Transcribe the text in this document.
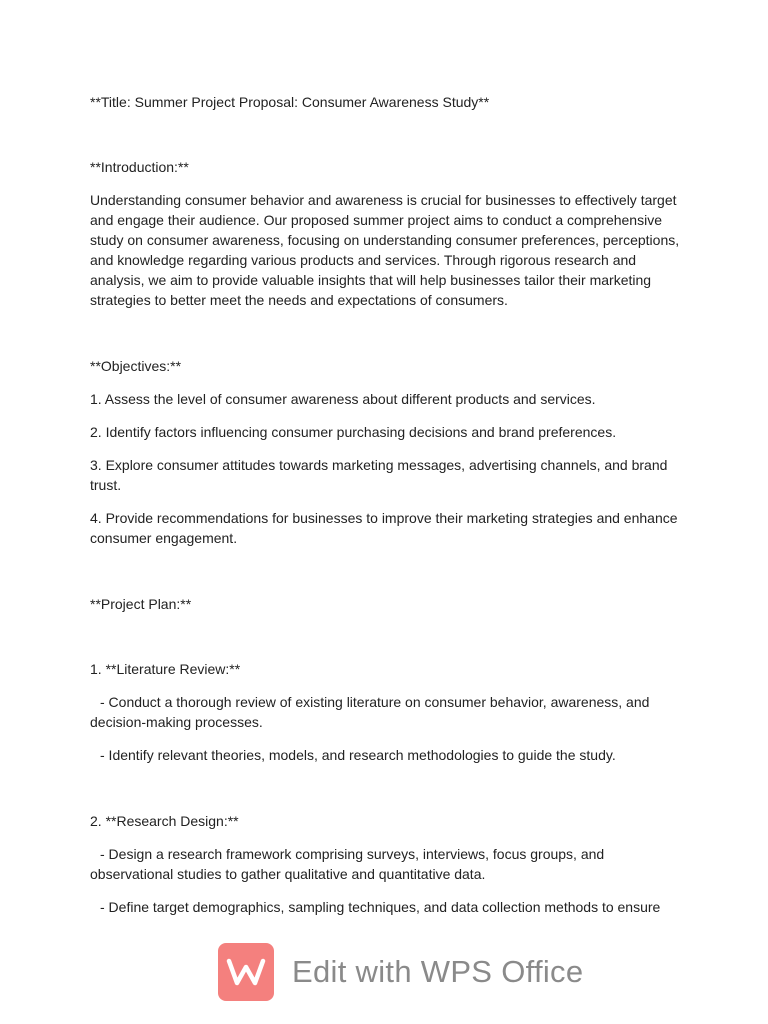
**Title: Summer Project Proposal: Consumer Awareness Study**
**Introduction:**
Understanding consumer behavior and awareness is crucial for businesses to effectively target and engage their audience. Our proposed summer project aims to conduct a comprehensive study on consumer awareness, focusing on understanding consumer preferences, perceptions, and knowledge regarding various products and services. Through rigorous research and analysis, we aim to provide valuable insights that will help businesses tailor their marketing strategies to better meet the needs and expectations of consumers.
**Objectives:**
1. Assess the level of consumer awareness about different products and services.
2. Identify factors influencing consumer purchasing decisions and brand preferences.
3. Explore consumer attitudes towards marketing messages, advertising channels, and brand trust.
4. Provide recommendations for businesses to improve their marketing strategies and enhance consumer engagement.
**Project Plan:**
1. **Literature Review:**
- Conduct a thorough review of existing literature on consumer behavior, awareness, and decision-making processes.
- Identify relevant theories, models, and research methodologies to guide the study.
2. **Research Design:**
- Design a research framework comprising surveys, interviews, focus groups, and observational studies to gather qualitative and quantitative data.
- Define target demographics, sampling techniques, and data collection methods to ensure
Edit with WPS Office
